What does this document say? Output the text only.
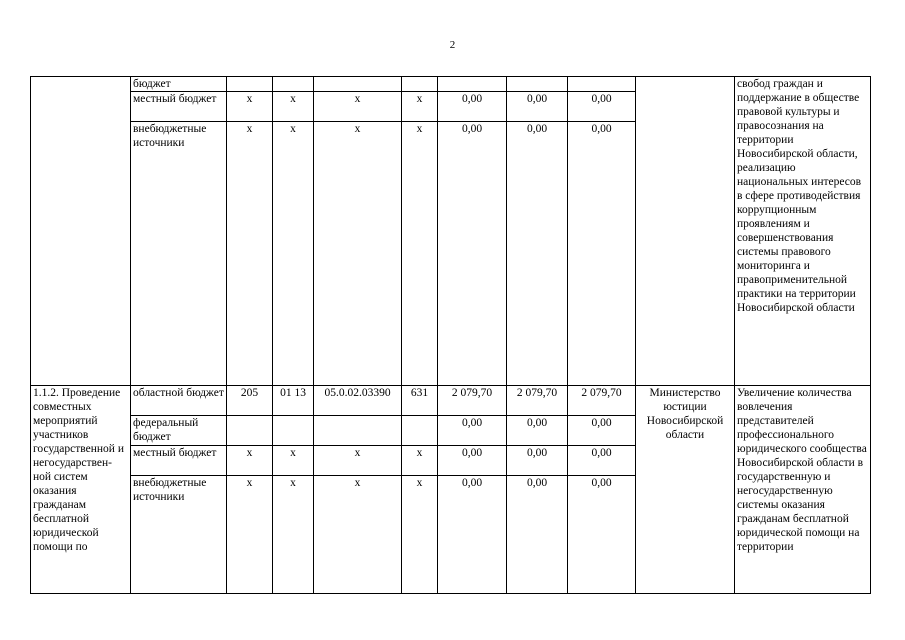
2
	бюджет									свобод граждан и поддержание в обществе правовой культуры и правосознания на территории Новосибирской области, реализацию национальных интересов в сфере противодействия коррупционным проявлениям и совершенствования системы правового мониторинга и правоприменительной практики на территории Новосибирской области
	местный бюджет	х	х	х	х	0,00	0,00	0,00		
	внебюджетные источники	х	х	х	х	0,00	0,00	0,00		
1.1.2. Проведение совместных мероприятий участников государственной и негосударствен-ной систем оказания гражданам бесплатной юридической помощи по	областной бюджет	205	01 13	05.0.02.03390	631	2 079,70	2 079,70	2 079,70	Министерство юстиции Новосибирской области	Увеличение количества вовлечения представителей профессионального юридического сообщества Новосибирской области в государственную и негосударственную системы оказания гражданам бесплатной юридической помощи на территории
	федеральный бюджет					0,00	0,00	0,00		
	местный бюджет	х	х	х	х	0,00	0,00	0,00		
	внебюджетные источники	х	х	х	х	0,00	0,00	0,00		
